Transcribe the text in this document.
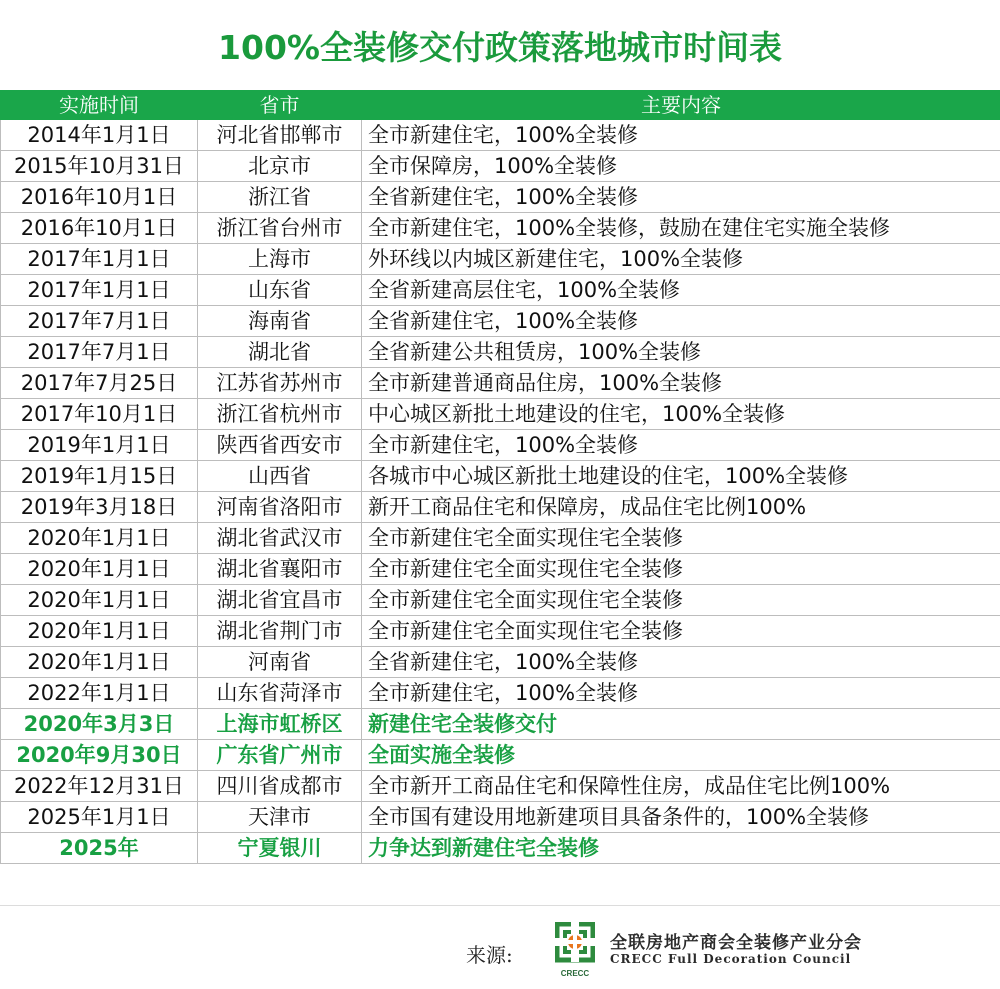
100%全装修交付政策落地城市时间表
实施时间	省市	主要内容
2014年1月1日	河北省邯郸市	全市新建住宅，100%全装修
2015年10月31日	北京市	全市保障房，100%全装修
2016年10月1日	浙江省	全省新建住宅，100%全装修
2016年10月1日	浙江省台州市	全市新建住宅，100%全装修，鼓励在建住宅实施全装修
2017年1月1日	上海市	外环线以内城区新建住宅，100%全装修
2017年1月1日	山东省	全省新建高层住宅，100%全装修
2017年7月1日	海南省	全省新建住宅，100%全装修
2017年7月1日	湖北省	全省新建公共租赁房，100%全装修
2017年7月25日	江苏省苏州市	全市新建普通商品住房，100%全装修
2017年10月1日	浙江省杭州市	中心城区新批土地建设的住宅，100%全装修
2019年1月1日	陕西省西安市	全市新建住宅，100%全装修
2019年1月15日	山西省	各城市中心城区新批土地建设的住宅，100%全装修
2019年3月18日	河南省洛阳市	新开工商品住宅和保障房，成品住宅比例100%
2020年1月1日	湖北省武汉市	全市新建住宅全面实现住宅全装修
2020年1月1日	湖北省襄阳市	全市新建住宅全面实现住宅全装修
2020年1月1日	湖北省宜昌市	全市新建住宅全面实现住宅全装修
2020年1月1日	湖北省荆门市	全市新建住宅全面实现住宅全装修
2020年1月1日	河南省	全省新建住宅，100%全装修
2022年1月1日	山东省菏泽市	全市新建住宅，100%全装修
2020年3月3日	上海市虹桥区	新建住宅全装修交付
2020年9月30日	广东省广州市	全面实施全装修
2022年12月31日	四川省成都市	全市新开工商品住宅和保障性住房，成品住宅比例100%
2025年1月1日	天津市	全市国有建设用地新建项目具备条件的，100%全装修
2025年	宁夏银川	力争达到新建住宅全装修
来源:
CRECC
全联房地产商会全装修产业分会
CRECC Full Decoration Council
